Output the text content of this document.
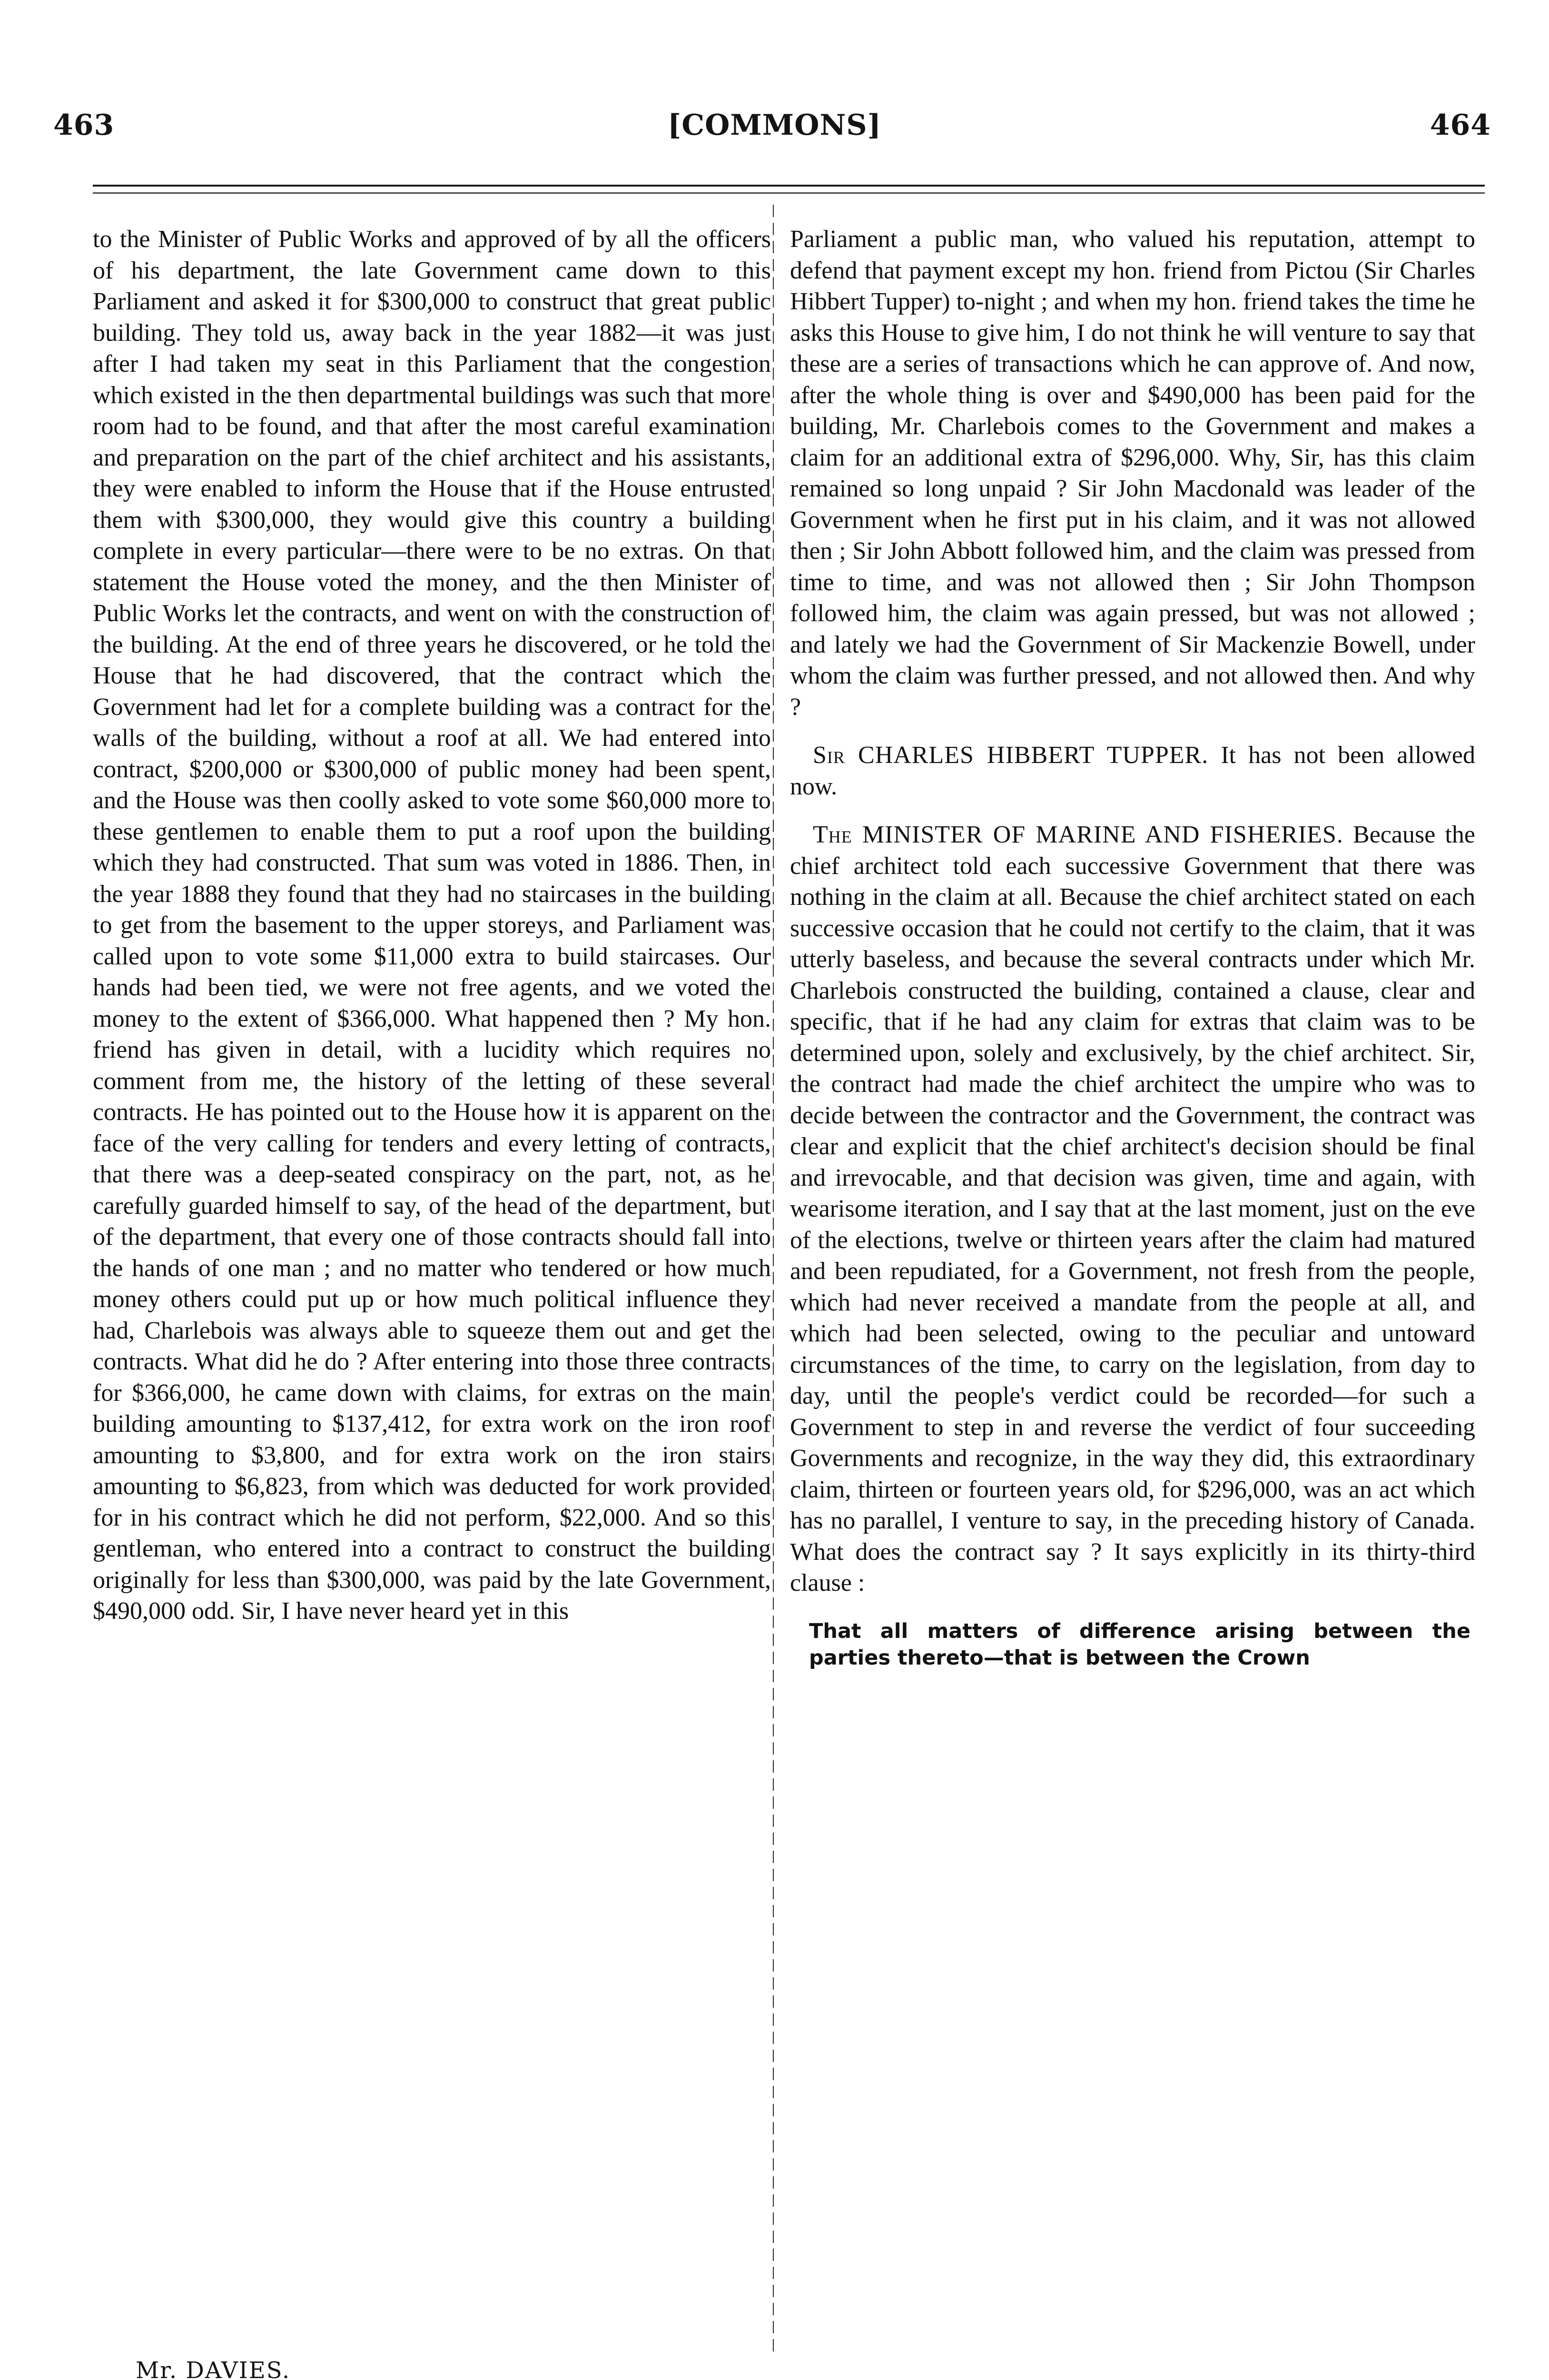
463	[COMMONS]	464

to the Minister of Public Works and approved of by all the officers of his department, the late Government came down to this Parliament and asked it for $300,000 to construct that great public building. They told us, away back in the year 1882—it was just after I had taken my seat in this Parliament that the congestion which existed in the then departmental buildings was such that more room had to be found, and that after the most careful examination and preparation on the part of the chief architect and his assistants, they were enabled to inform the House that if the House entrusted them with $300,000, they would give this country a building complete in every particular—there were to be no extras. On that statement the House voted the money, and the then Minister of Public Works let the contracts, and went on with the construction of the building. At the end of three years he discovered, or he told the House that he had discovered, that the contract which the Government had let for a complete building was a contract for the walls of the building, without a roof at all. We had entered into contract, $200,000 or $300,000 of public money had been spent, and the House was then coolly asked to vote some $60,000 more to these gentlemen to enable them to put a roof upon the building which they had constructed. That sum was voted in 1886. Then, in the year 1888 they found that they had no staircases in the building to get from the basement to the upper storeys, and Parliament was called upon to vote some $11,000 extra to build staircases. Our hands had been tied, we were not free agents, and we voted the money to the extent of $366,000. What happened then ? My hon. friend has given in detail, with a lucidity which requires no comment from me, the history of the letting of these several contracts. He has pointed out to the House how it is apparent on the face of the very calling for tenders and every letting of contracts, that there was a deep-seated conspiracy on the part, not, as he carefully guarded himself to say, of the head of the department, but of the department, that every one of those contracts should fall into the hands of one man ; and no matter who tendered or how much money others could put up or how much political influence they had, Charlebois was always able to squeeze them out and get the contracts. What did he do ? After entering into those three contracts for $366,000, he came down with claims, for extras on the main building amounting to $137,412, for extra work on the iron roof amounting to $3,800, and for extra work on the iron stairs amounting to $6,823, from which was deducted for work provided for in his contract which he did not perform, $22,000. And so this gentleman, who entered into a contract to construct the building originally for less than $300,000, was paid by the late Government, $490,000 odd. Sir, I have never heard yet in this

Parliament a public man, who valued his reputation, attempt to defend that payment except my hon. friend from Pictou (Sir Charles Hibbert Tupper) to-night ; and when my hon. friend takes the time he asks this House to give him, I do not think he will venture to say that these are a series of transactions which he can approve of. And now, after the whole thing is over and $490,000 has been paid for the building, Mr. Charlebois comes to the Government and makes a claim for an additional extra of $296,000. Why, Sir, has this claim remained so long unpaid ? Sir John Macdonald was leader of the Government when he first put in his claim, and it was not allowed then ; Sir John Abbott followed him, and the claim was pressed from time to time, and was not allowed then ; Sir John Thompson followed him, the claim was again pressed, but was not allowed ; and lately we had the Government of Sir Mackenzie Bowell, under whom the claim was further pressed, and not allowed then. And why ?

Sir CHARLES HIBBERT TUPPER. It has not been allowed now.

The MINISTER OF MARINE AND FISHERIES. Because the chief architect told each successive Government that there was nothing in the claim at all. Because the chief architect stated on each successive occasion that he could not certify to the claim, that it was utterly baseless, and because the several contracts under which Mr. Charlebois constructed the building, contained a clause, clear and specific, that if he had any claim for extras that claim was to be determined upon, solely and exclusively, by the chief architect. Sir, the contract had made the chief architect the umpire who was to decide between the contractor and the Government, the contract was clear and explicit that the chief architect's decision should be final and irrevocable, and that decision was given, time and again, with wearisome iteration, and I say that at the last moment, just on the eve of the elections, twelve or thirteen years after the claim had matured and been repudiated, for a Government, not fresh from the people, which had never received a mandate from the people at all, and which had been selected, owing to the peculiar and untoward circumstances of the time, to carry on the legislation, from day to day, until the people's verdict could be recorded—for such a Government to step in and reverse the verdict of four succeeding Governments and recognize, in the way they did, this extraordinary claim, thirteen or fourteen years old, for $296,000, was an act which has no parallel, I venture to say, in the preceding history of Canada. What does the contract say ? It says explicitly in its thirty-third clause :

That all matters of difference arising between the parties thereto—that is between the Crown

Mr. DAVIES.
